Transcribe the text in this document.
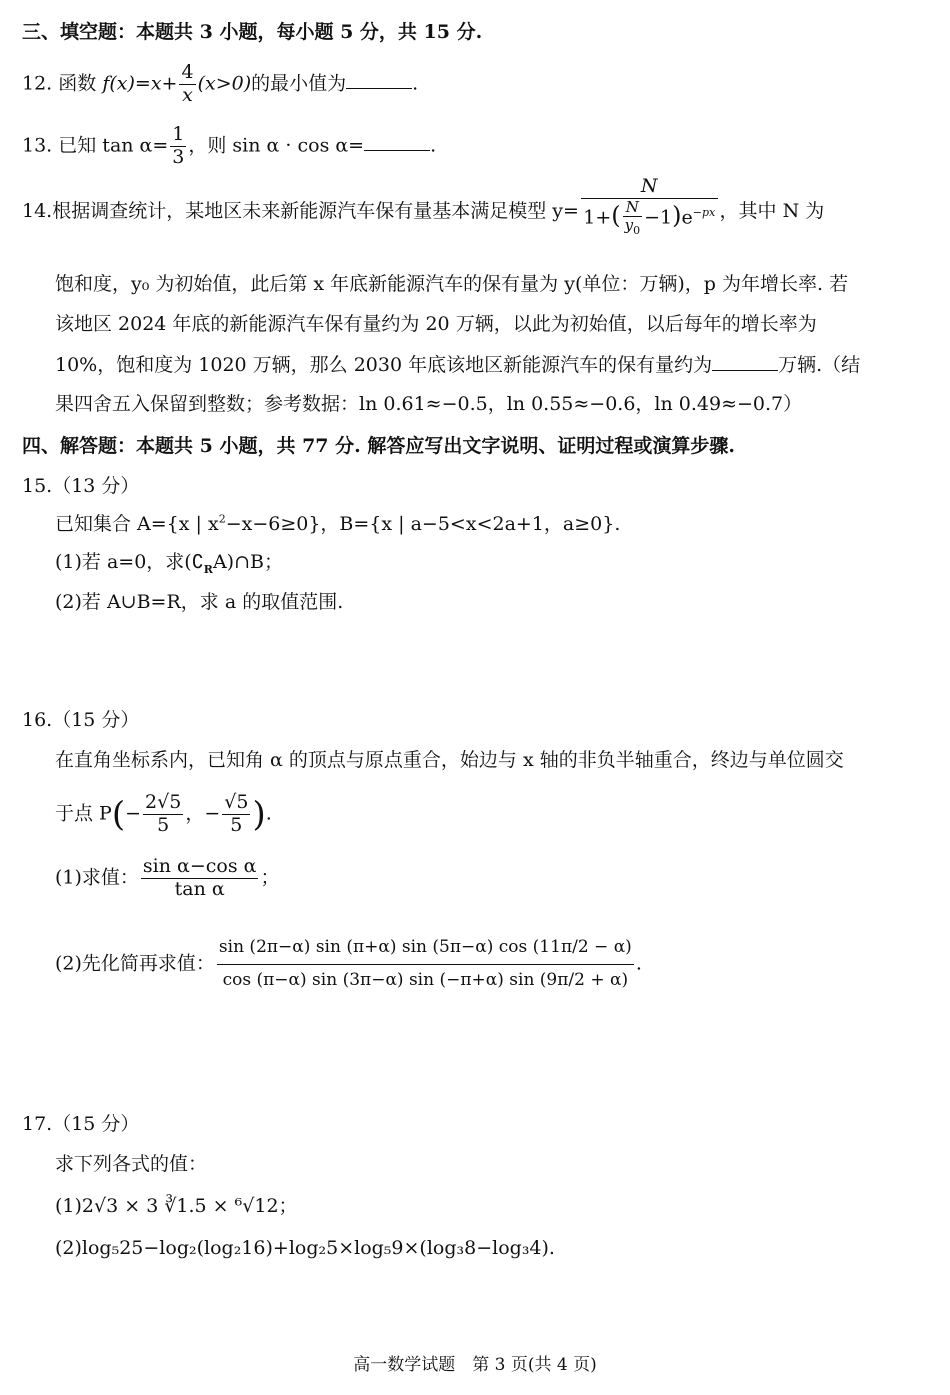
三、填空题：本题共 3 小题，每小题 5 分，共 15 分.
12. 函数 $f(x)=x+ \frac{4}{x} (x>0)$的最小值为	.
13. 已知 $\tan \alpha= \frac{1}{3}$ ，则 sin α · cos α=	.
14.根据调查统计，某地区未来新能源汽车保有量基本满足模型 $y= \frac{N}{1+( \frac{N}{y_0} -1)e^{-px}}$ ，其中 N 为
饱和度，y₀ 为初始值，此后第 x 年底新能源汽车的保有量为 y(单位：万辆)，p 为年增长率. 若
该地区 2024 年底的新能源汽车保有量约为 20 万辆，以此为初始值，以后每年的增长率为
10%，饱和度为 1020 万辆，那么 2030 年底该地区新能源汽车的保有量约为	万辆.（结
果四舍五入保留到整数；参考数据：ln 0.61≈−0.5，ln 0.55≈−0.6，ln 0.49≈−0.7）
四、解答题：本题共 5 小题，共 77 分. 解答应写出文字说明、证明过程或演算步骤.
15.（13 分）
已知集合 A={x | $x^2-x-6\ge 0$}，B={x | a−5<x<2a+1，a≥0}.
(1)若 a=0，求$(∁_RA)\cap B$；
(2)若 A∪B=R，求 a 的取值范围.
16.（15 分）
在直角坐标系内，已知角 α 的顶点与原点重合，始边与 x 轴的非负半轴重合，终边与单位圆交
于点 $P(- \frac{2√5}{5}$ ，− $\frac{√5}{5}$ ).
(1)求值： $\frac{\text{sin α−cos α}}{\text{tan α}}$ ；
(2)先化简再求值： $\frac{\sin (2\pi-\alpha) \sin (\pi+\alpha) \sin (5\pi-\alpha) \cos (11\pi/2 - \alpha)}{\cos (\pi-\alpha) \sin (3\pi-\alpha) \sin (-\pi+\alpha) \sin (9\pi/2 + \alpha)}$ .
17.（15 分）
求下列各式的值：
(1)2√3 × 3 ∛1.5 × ⁶√12；
(2)log₅25−log₂(log₂16)+log₂5×log₅9×(log₃8−log₃4).
高一数学试题　第 3 页(共 4 页)
